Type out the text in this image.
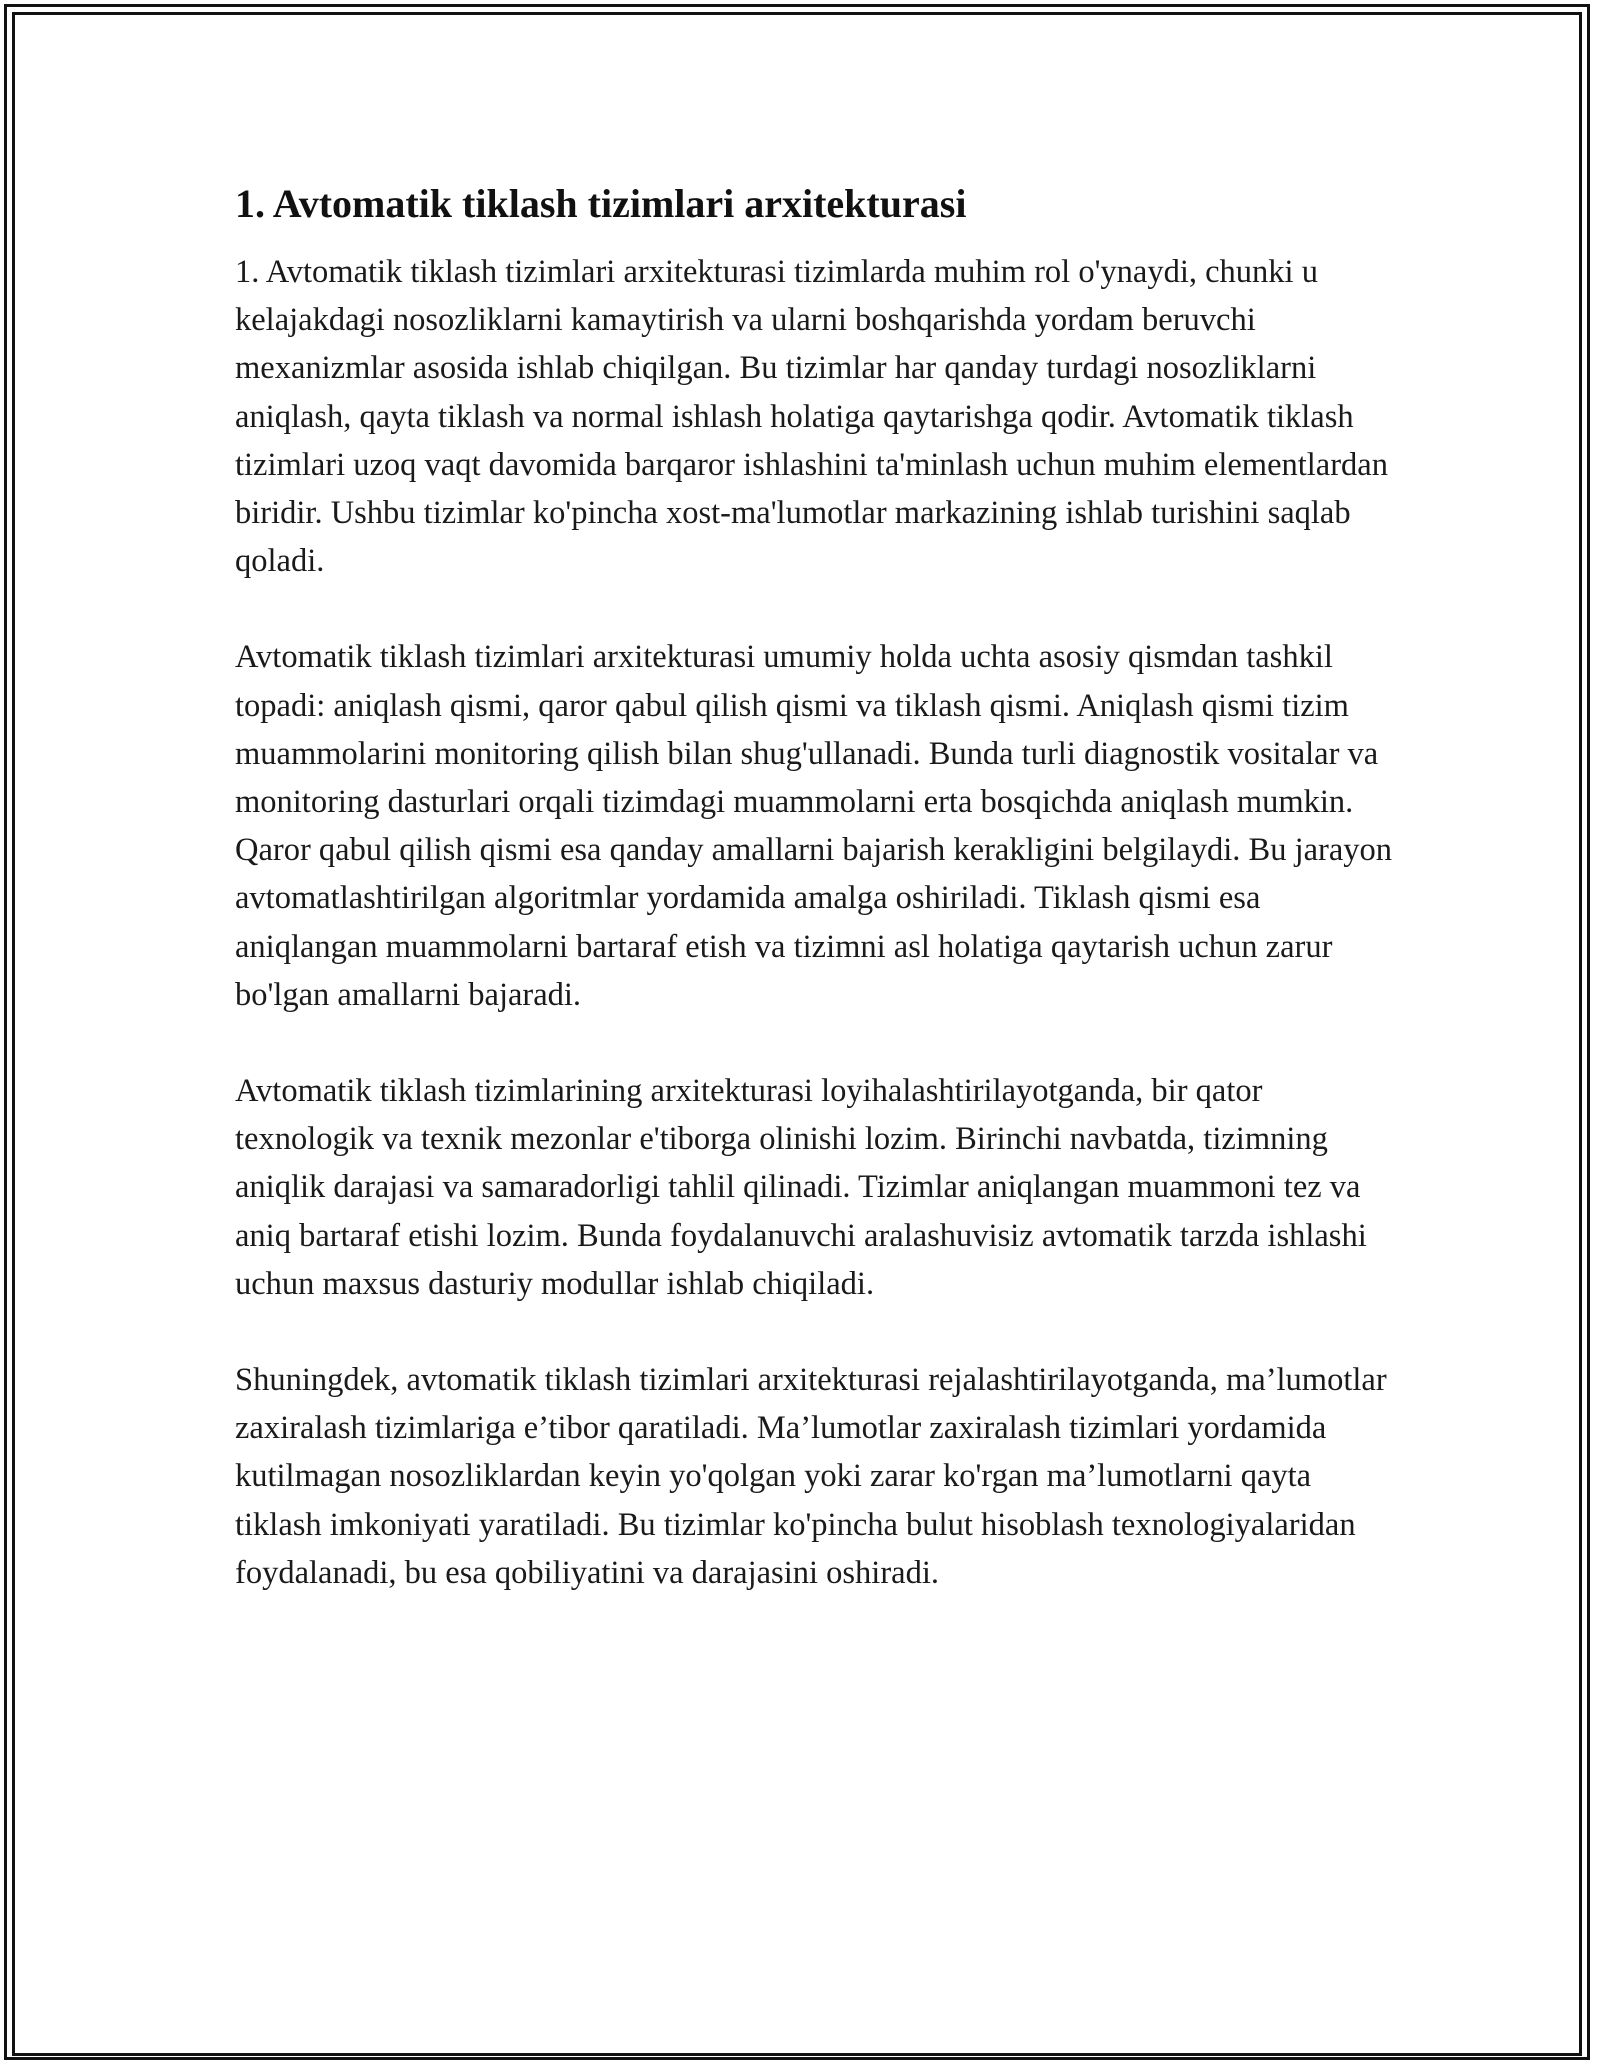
1. Avtomatik tiklash tizimlari arxitekturasi

1. Avtomatik tiklash tizimlari arxitekturasi tizimlarda muhim rol o'ynaydi, chunki u kelajakdagi nosozliklarni kamaytirish va ularni boshqarishda yordam beruvchi mexanizmlar asosida ishlab chiqilgan. Bu tizimlar har qanday turdagi nosozliklarni aniqlash, qayta tiklash va normal ishlash holatiga qaytarishga qodir. Avtomatik tiklash tizimlari uzoq vaqt davomida barqaror ishlashini ta'minlash uchun muhim elementlardan biridir. Ushbu tizimlar ko'pincha xost-ma'lumotlar markazining ishlab turishini saqlab qoladi.

Avtomatik tiklash tizimlari arxitekturasi umumiy holda uchta asosiy qismdan tashkil topadi: aniqlash qismi, qaror qabul qilish qismi va tiklash qismi. Aniqlash qismi tizim muammolarini monitoring qilish bilan shug'ullanadi. Bunda turli diagnostik vositalar va monitoring dasturlari orqali tizimdagi muammolarni erta bosqichda aniqlash mumkin. Qaror qabul qilish qismi esa qanday amallarni bajarish kerakligini belgilaydi. Bu jarayon avtomatlashtirilgan algoritmlar yordamida amalga oshiriladi. Tiklash qismi esa aniqlangan muammolarni bartaraf etish va tizimni asl holatiga qaytarish uchun zarur bo'lgan amallarni bajaradi.

Avtomatik tiklash tizimlarining arxitekturasi loyihalashtirilayotganda, bir qator texnologik va texnik mezonlar e'tiborga olinishi lozim. Birinchi navbatda, tizimning aniqlik darajasi va samaradorligi tahlil qilinadi. Tizimlar aniqlangan muammoni tez va aniq bartaraf etishi lozim. Bunda foydalanuvchi aralashuvisiz avtomatik tarzda ishlashi uchun maxsus dasturiy modullar ishlab chiqiladi.

Shuningdek, avtomatik tiklash tizimlari arxitekturasi rejalashtirilayotganda, ma’lumotlar zaxiralash tizimlariga e’tibor qaratiladi. Ma’lumotlar zaxiralash tizimlari yordamida kutilmagan nosozliklardan keyin yo'qolgan yoki zarar ko'rgan ma’lumotlarni qayta tiklash imkoniyati yaratiladi. Bu tizimlar ko'pincha bulut hisoblash texnologiyalaridan foydalanadi, bu esa qobiliyatini va darajasini oshiradi.
